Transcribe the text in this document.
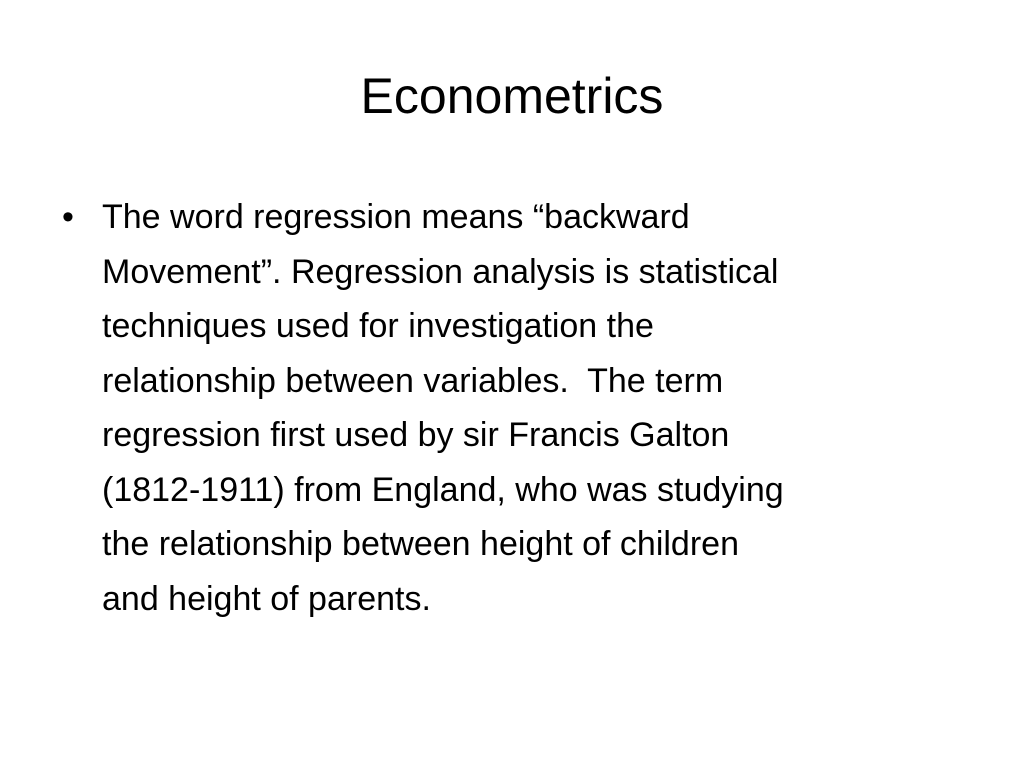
Econometrics
• The word regression means “backward
Movement”. Regression analysis is statistical
techniques used for investigation the
relationship between variables.  The term
regression first used by sir Francis Galton
(1812-1911) from England, who was studying
the relationship between height of children
and height of parents.
